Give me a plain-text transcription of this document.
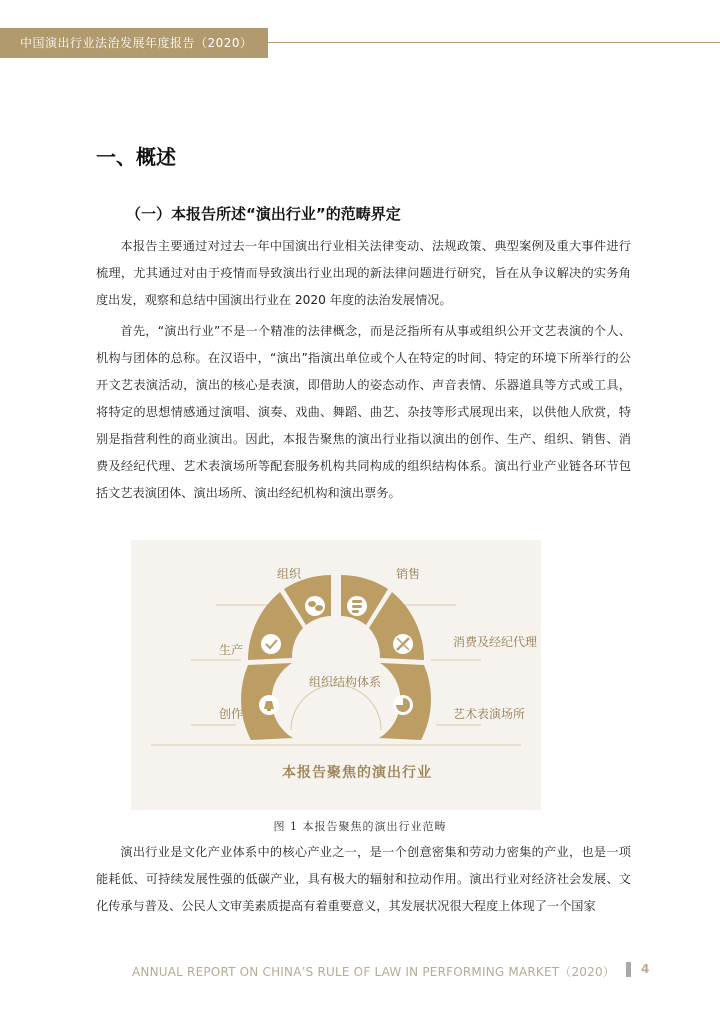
中国演出行业法治发展年度报告（2020）
一、概述
（一）本报告所述“演出行业”的范畴界定

本报告主要通过对过去一年中国演出行业相关法律变动、法规政策、典型案例及重大事件进行梳理，尤其通过对由于疫情而导致演出行业出现的新法律问题进行研究，旨在从争议解决的实务角度出发，观察和总结中国演出行业在 2020 年度的法治发展情况。

首先，“演出行业”不是一个精准的法律概念，而是泛指所有从事或组织公开文艺表演的个人、机构与团体的总称。在汉语中，“演出”指演出单位或个人在特定的时间、特定的环境下所举行的公开文艺表演活动，演出的核心是表演，即借助人的姿态动作、声音表情、乐器道具等方式或工具，将特定的思想情感通过演唱、演奏、戏曲、舞蹈、曲艺、杂技等形式展现出来，以供他人欣赏，特别是指营利性的商业演出。因此，本报告聚焦的演出行业指以演出的创作、生产、组织、销售、消费及经纪代理、艺术表演场所等配套服务机构共同构成的组织结构体系。演出行业产业链各环节包括文艺表演团体、演出场所、演出经纪机构和演出票务。

组织	销售
生产
消费及经纪代理
创作	艺术表演场所
组织结构体系
本报告聚焦的演出行业
图 1 本报告聚焦的演出行业范畴

演出行业是文化产业体系中的核心产业之一，是一个创意密集和劳动力密集的产业，也是一项能耗低、可持续发展性强的低碳产业，具有极大的辐射和拉动作用。演出行业对经济社会发展、文化传承与普及、公民人文审美素质提高有着重要意义，其发展状况很大程度上体现了一个国家

ANNUAL REPORT ON CHINA’S RULE OF LAW IN PERFORMING MARKET（2020） 4
